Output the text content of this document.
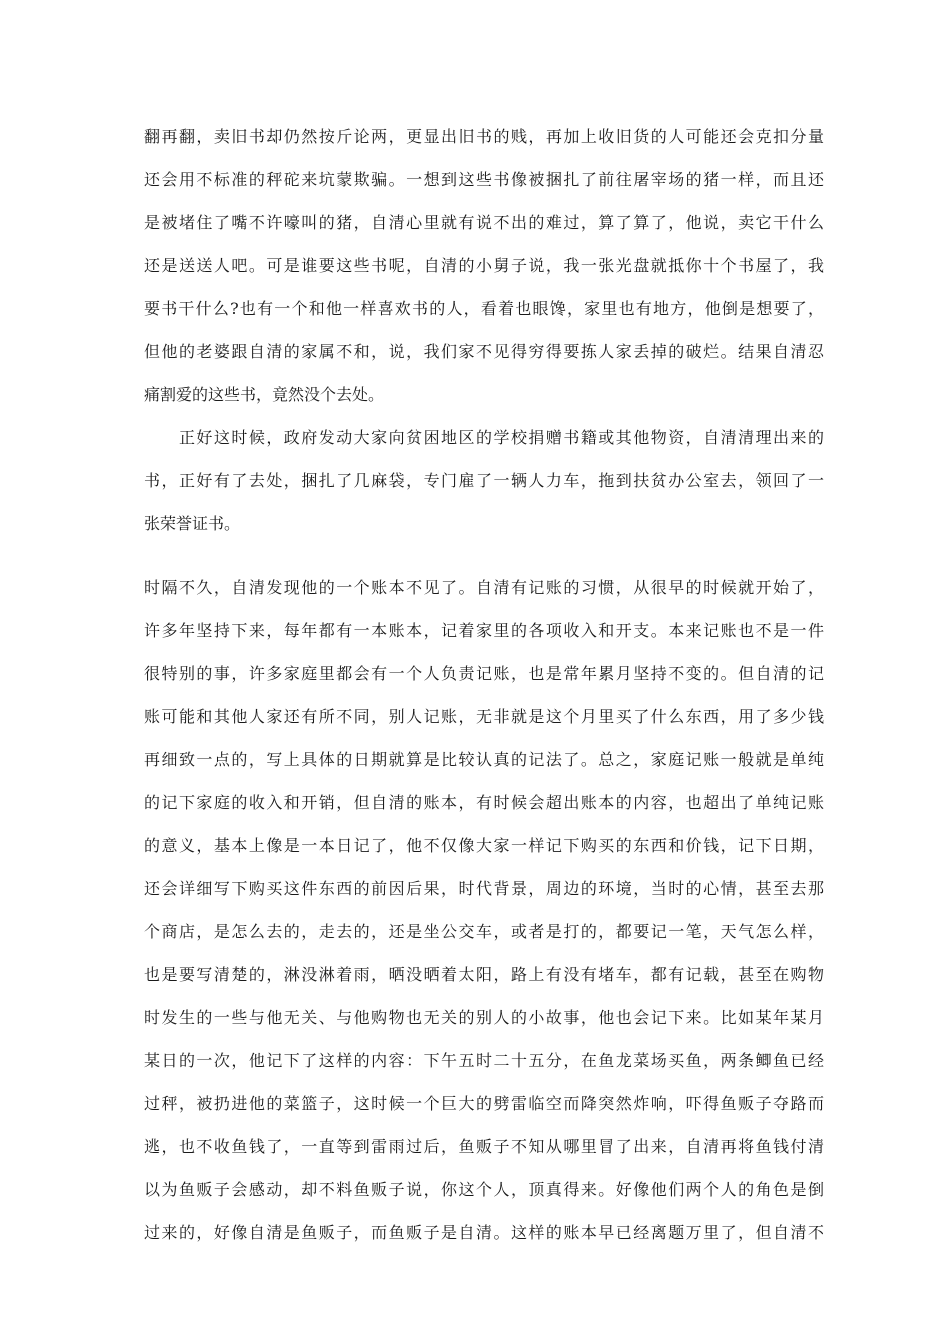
翻再翻，卖旧书却仍然按斤论两，更显出旧书的贱，再加上收旧货的人可能还会克扣分量
还会用不标准的秤砣来坑蒙欺骗。一想到这些书像被捆扎了前往屠宰场的猪一样，而且还
是被堵住了嘴不许嚎叫的猪，自清心里就有说不出的难过，算了算了，他说，卖它干什么
还是送送人吧。可是谁要这些书呢，自清的小舅子说，我一张光盘就抵你十个书屋了，我
要书干什么?也有一个和他一样喜欢书的人，看着也眼馋，家里也有地方，他倒是想要了，
但他的老婆跟自清的家属不和，说，我们家不见得穷得要拣人家丢掉的破烂。结果自清忍
痛割爱的这些书，竟然没个去处。
　　正好这时候，政府发动大家向贫困地区的学校捐赠书籍或其他物资，自清清理出来的
书，正好有了去处，捆扎了几麻袋，专门雇了一辆人力车，拖到扶贫办公室去，领回了一
张荣誉证书。
时隔不久，自清发现他的一个账本不见了。自清有记账的习惯，从很早的时候就开始了，
许多年坚持下来，每年都有一本账本，记着家里的各项收入和开支。本来记账也不是一件
很特别的事，许多家庭里都会有一个人负责记账，也是常年累月坚持不变的。但自清的记
账可能和其他人家还有所不同，别人记账，无非就是这个月里买了什么东西，用了多少钱
再细致一点的，写上具体的日期就算是比较认真的记法了。总之，家庭记账一般就是单纯
的记下家庭的收入和开销，但自清的账本，有时候会超出账本的内容，也超出了单纯记账
的意义，基本上像是一本日记了，他不仅像大家一样记下购买的东西和价钱，记下日期，
还会详细写下购买这件东西的前因后果，时代背景，周边的环境，当时的心情，甚至去那
个商店，是怎么去的，走去的，还是坐公交车，或者是打的，都要记一笔，天气怎么样，
也是要写清楚的，淋没淋着雨，晒没晒着太阳，路上有没有堵车，都有记载，甚至在购物
时发生的一些与他无关、与他购物也无关的别人的小故事，他也会记下来。比如某年某月
某日的一次，他记下了这样的内容：下午五时二十五分，在鱼龙菜场买鱼，两条鲫鱼已经
过秤，被扔进他的菜篮子，这时候一个巨大的劈雷临空而降突然炸响，吓得鱼贩子夺路而
逃，也不收鱼钱了，一直等到雷雨过后，鱼贩子不知从哪里冒了出来，自清再将鱼钱付清
以为鱼贩子会感动，却不料鱼贩子说，你这个人，顶真得来。好像他们两个人的角色是倒
过来的，好像自清是鱼贩子，而鱼贩子是自清。这样的账本早已经离题万里了，但自清不
